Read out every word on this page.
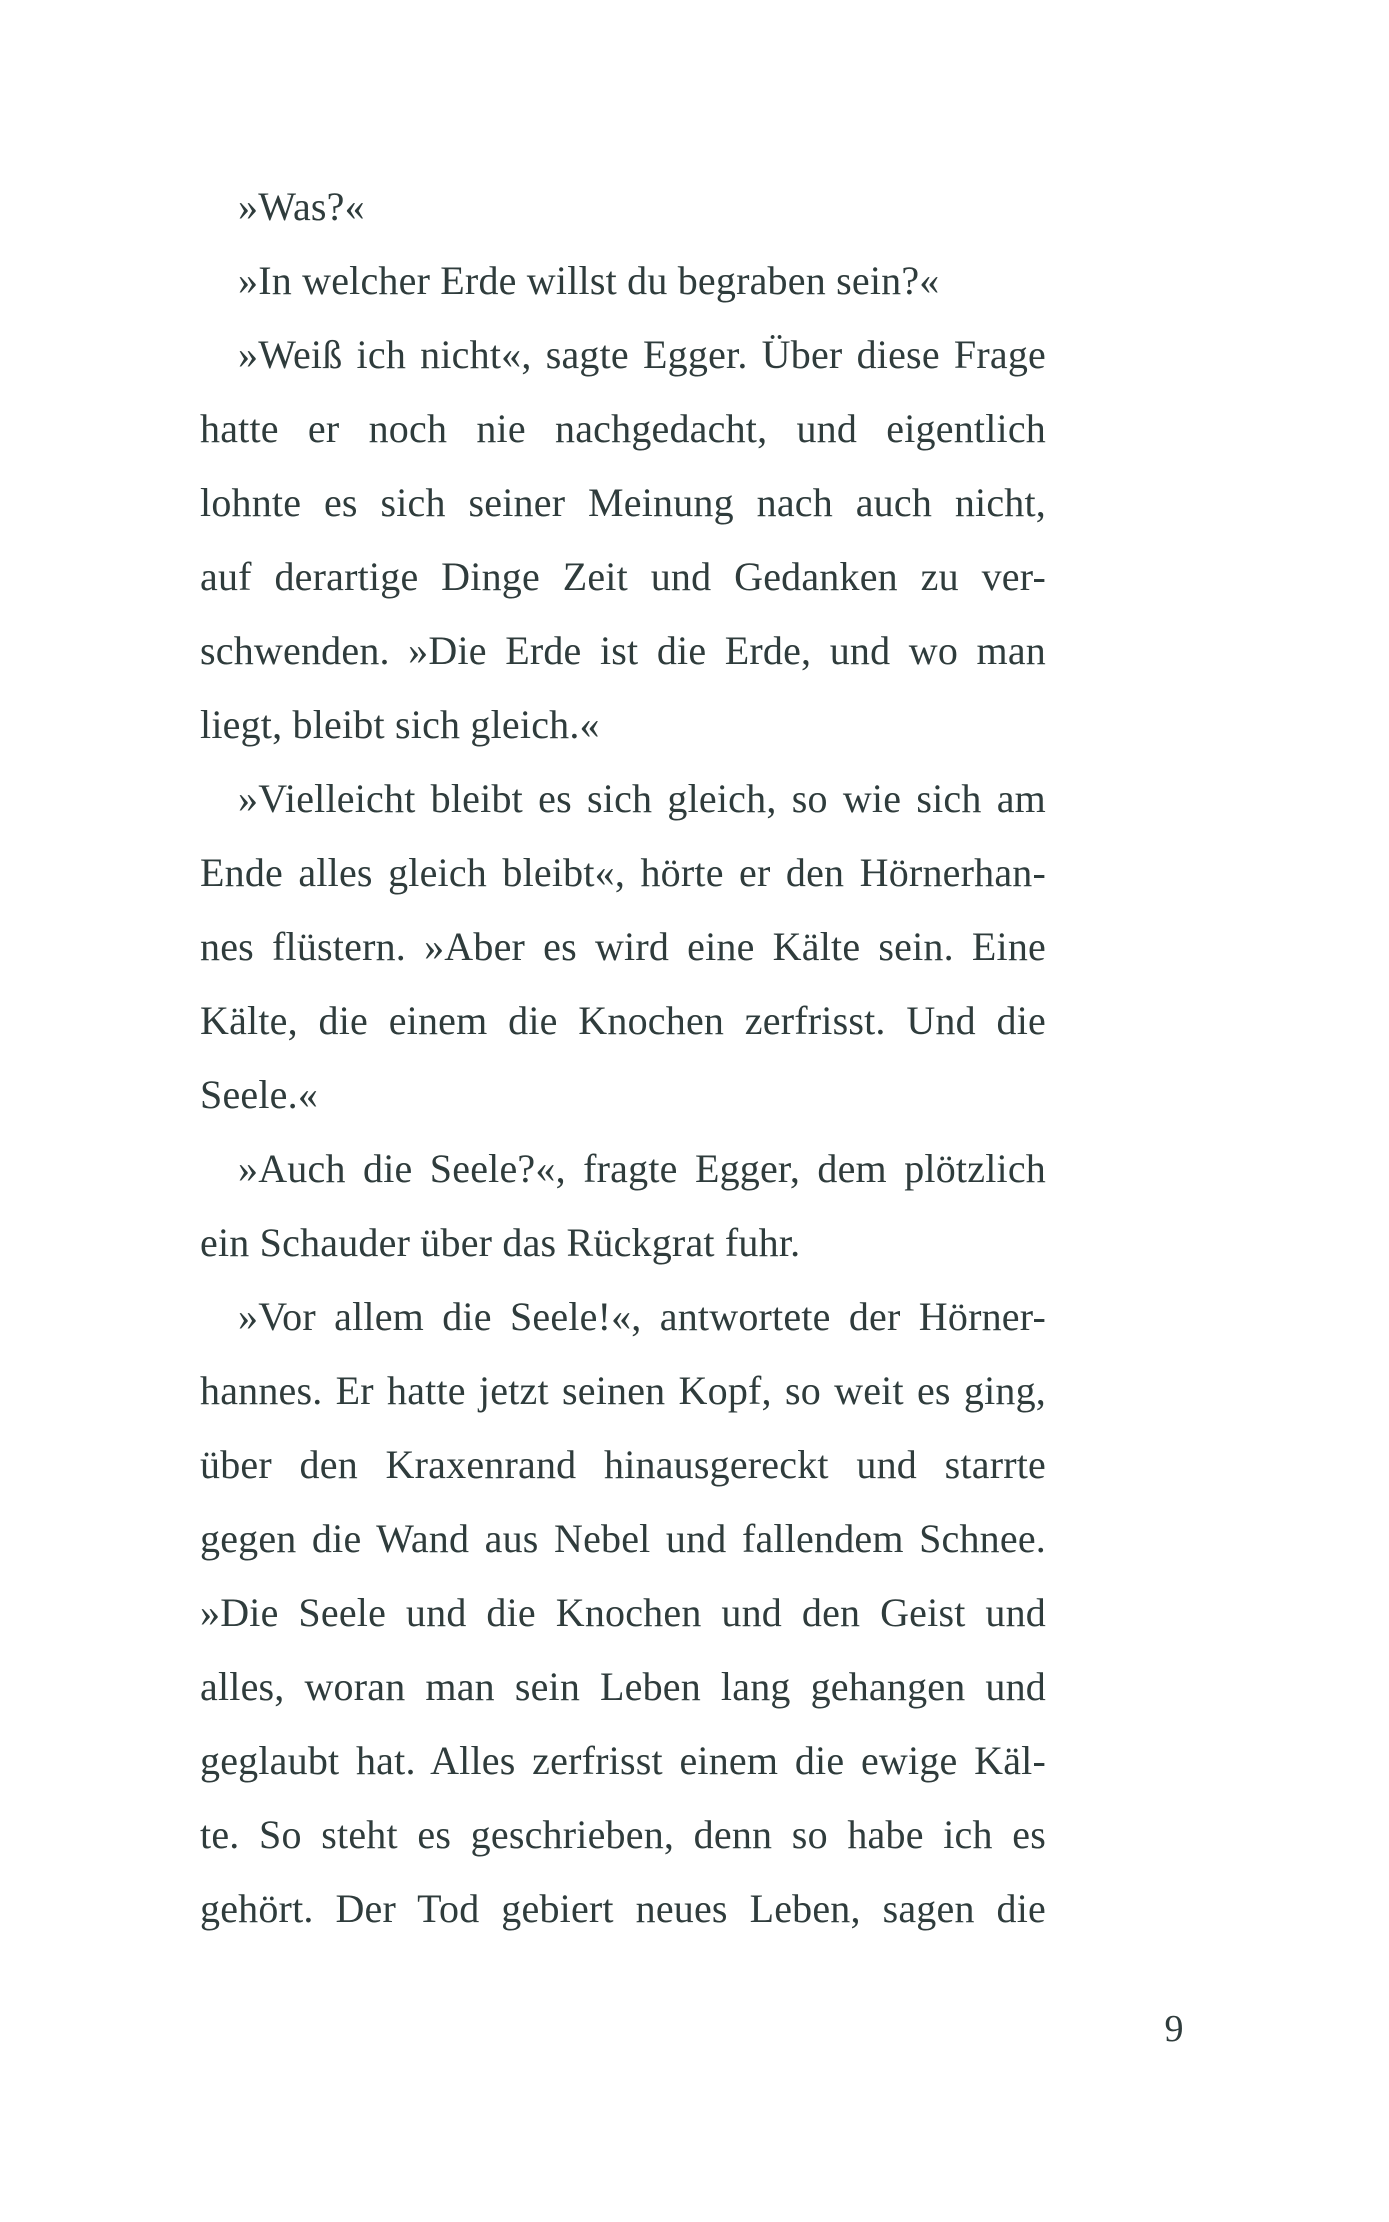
»Was?«
»In welcher Erde willst du begraben sein?«
»Weiß ich nicht«, sagte Egger. Über diese Frage
hatte er noch nie nachgedacht, und eigentlich
lohnte es sich seiner Meinung nach auch nicht,
auf derartige Dinge Zeit und Gedanken zu ver-
schwenden. »Die Erde ist die Erde, und wo man
liegt, bleibt sich gleich.«
»Vielleicht bleibt es sich gleich, so wie sich am
Ende alles gleich bleibt«, hörte er den Hörnerhan-
nes flüstern. »Aber es wird eine Kälte sein. Eine
Kälte, die einem die Knochen zerfrisst. Und die
Seele.«
»Auch die Seele?«, fragte Egger, dem plötzlich
ein Schauder über das Rückgrat fuhr.
»Vor allem die Seele!«, antwortete der Hörner-
hannes. Er hatte jetzt seinen Kopf, so weit es ging,
über den Kraxenrand hinausgereckt und starrte
gegen die Wand aus Nebel und fallendem Schnee.
»Die Seele und die Knochen und den Geist und
alles, woran man sein Leben lang gehangen und
geglaubt hat. Alles zerfrisst einem die ewige Käl-
te. So steht es geschrieben, denn so habe ich es
gehört. Der Tod gebiert neues Leben, sagen die
9
